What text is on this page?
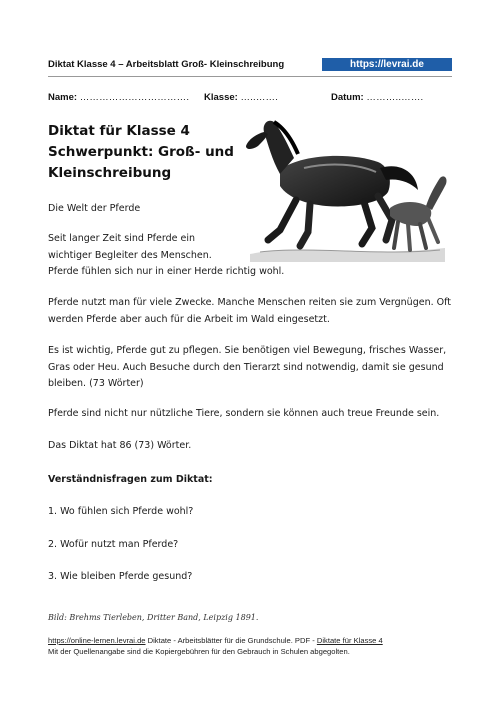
Diktat Klasse 4 – Arbeitsblatt Groß- Kleinschreibung	https://levrai.de
Name: ……………………………. Klasse: …..…….	Datum: ………..…….
Diktat für Klasse 4
Schwerpunkt: Groß- und
Kleinschreibung
Die Welt der Pferde
Seit langer Zeit sind Pferde ein
wichtiger Begleiter des Menschen.
Pferde fühlen sich nur in einer Herde richtig wohl.
Pferde nutzt man für viele Zwecke. Manche Menschen reiten sie zum Vergnügen. Oft
werden Pferde aber auch für die Arbeit im Wald eingesetzt.
Es ist wichtig, Pferde gut zu pflegen. Sie benötigen viel Bewegung, frisches Wasser,
Gras oder Heu. Auch Besuche durch den Tierarzt sind notwendig, damit sie gesund
bleiben. (73 Wörter)
Pferde sind nicht nur nützliche Tiere, sondern sie können auch treue Freunde sein.
Das Diktat hat 86 (73) Wörter.
Verständnisfragen zum Diktat:
1. Wo fühlen sich Pferde wohl?
2. Wofür nutzt man Pferde?
3. Wie bleiben Pferde gesund?
Bild: Brehms Tierleben, Dritter Band, Leipzig 1891.
https://online-lernen.levrai.de Diktate - Arbeitsblätter für die Grundschule. PDF - Diktate für Klasse 4
Mit der Quellenangabe sind die Kopiergebühren für den Gebrauch in Schulen abgegolten.
